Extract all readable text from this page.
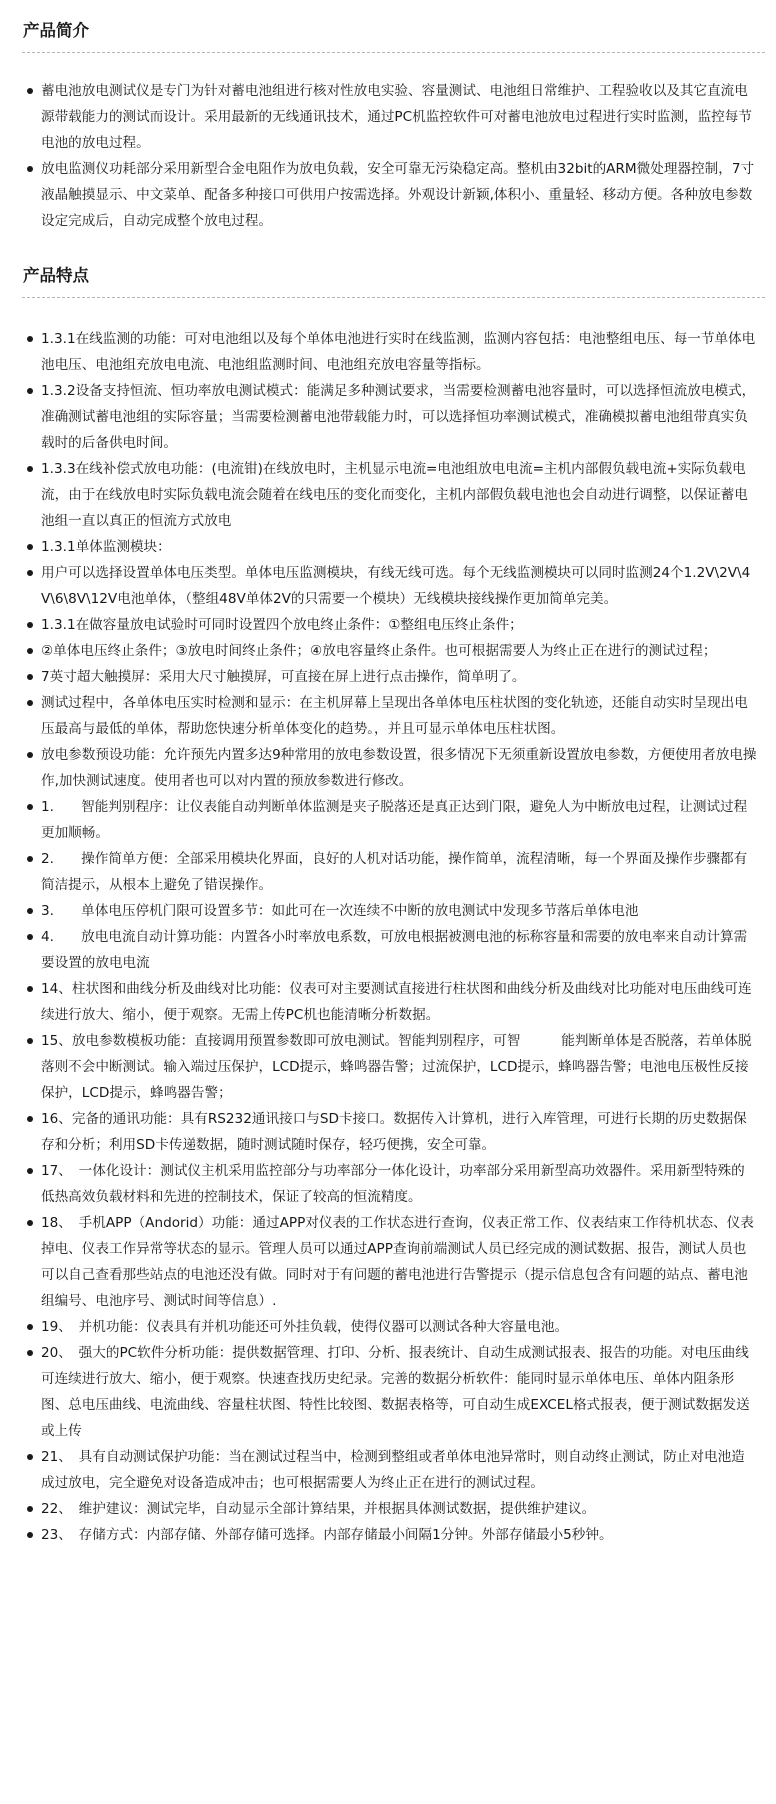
产品简介
蓄电池放电测试仪是专门为针对蓄电池组进行核对性放电实验、容量测试、电池组日常维护、工程验收以及其它直流电源带载能力的测试而设计。采用最新的无线通讯技术，通过PC机监控软件可对蓄电池放电过程进行实时监测，监控每节电池的放电过程。
放电监测仪功耗部分采用新型合金电阻作为放电负载，安全可靠无污染稳定高。整机由32bit的ARM微处理器控制，7寸液晶触摸显示、中文菜单、配备多种接口可供用户按需选择。外观设计新颖,体积小、重量轻、移动方便。各种放电参数设定完成后，自动完成整个放电过程。
产品特点
1.3.1在线监测的功能：可对电池组以及每个单体电池进行实时在线监测，监测内容包括：电池整组电压、每一节单体电池电压、电池组充放电电流、电池组监测时间、电池组充放电容量等指标。
1.3.2设备支持恒流、恒功率放电测试模式：能满足多种测试要求，当需要检测蓄电池容量时，可以选择恒流放电模式，准确测试蓄电池组的实际容量；当需要检测蓄电池带载能力时，可以选择恒功率测试模式，准确模拟蓄电池组带真实负载时的后备供电时间。
1.3.3在线补偿式放电功能：(电流钳)在线放电时，主机显示电流=电池组放电电流=主机内部假负载电流+实际负载电流，由于在线放电时实际负载电流会随着在线电压的变化而变化，主机内部假负载电池也会自动进行调整，以保证蓄电池组一直以真正的恒流方式放电
1.3.1单体监测模块：
用户可以选择设置单体电压类型。单体电压监测模块，有线无线可选。每个无线监测模块可以同时监测24个1.2V\2V\4V\6\8V\12V电池单体，（整组48V单体2V的只需要一个模块）无线模块接线操作更加简单完美。
1.3.1在做容量放电试验时可同时设置四个放电终止条件：①整组电压终止条件；
②单体电压终止条件；③放电时间终止条件；④放电容量终止条件。也可根据需要人为终止正在进行的测试过程；
7英寸超大触摸屏：采用大尺寸触摸屏，可直接在屏上进行点击操作，简单明了。
测试过程中，各单体电压实时检测和显示：在主机屏幕上呈现出各单体电压柱状图的变化轨迹，还能自动实时呈现出电压最高与最低的单体，帮助您快速分析单体变化的趋势。，并且可显示单体电压柱状图。
放电参数预设功能：允许预先内置多达9种常用的放电参数设置，很多情况下无须重新设置放电参数，方便使用者放电操作,加快测试速度。使用者也可以对内置的预放参数进行修改。
1.　　智能判别程序：让仪表能自动判断单体监测是夹子脱落还是真正达到门限，避免人为中断放电过程，让测试过程更加顺畅。
2.　　操作简单方便：全部采用模块化界面，良好的人机对话功能，操作简单，流程清晰，每一个界面及操作步骤都有简洁提示，从根本上避免了错误操作。
3.　　单体电压停机门限可设置多节：如此可在一次连续不中断的放电测试中发现多节落后单体电池
4.　　放电电流自动计算功能：内置各小时率放电系数，可放电根据被测电池的标称容量和需要的放电率来自动计算需要设置的放电电流
14、柱状图和曲线分析及曲线对比功能：仪表可对主要测试直接进行柱状图和曲线分析及曲线对比功能对电压曲线可连续进行放大、缩小，便于观察。无需上传PC机也能清晰分析数据。
15、放电参数模板功能：直接调用预置参数即可放电测试。智能判别程序，可智　　　能判断单体是否脱落，若单体脱落则不会中断测试。输入端过压保护，LCD提示，蜂鸣器告警；过流保护，LCD提示，蜂鸣器告警；电池电压极性反接保护，LCD提示，蜂鸣器告警；
16、完备的通讯功能：具有RS232通讯接口与SD卡接口。数据传入计算机，进行入库管理，可进行长期的历史数据保存和分析；利用SD卡传递数据，随时测试随时保存，轻巧便携，安全可靠。
17、　一体化设计：测试仪主机采用监控部分与功率部分一体化设计，功率部分采用新型高功效器件。采用新型特殊的低热高效负载材料和先进的控制技术，保证了较高的恒流精度。
18、　手机APP（Andorid）功能：通过APP对仪表的工作状态进行查询，仪表正常工作、仪表结束工作待机状态、仪表掉电、仪表工作异常等状态的显示。管理人员可以通过APP查询前端测试人员已经完成的测试数据、报告，测试人员也可以自己查看那些站点的电池还没有做。同时对于有问题的蓄电池进行告警提示（提示信息包含有问题的站点、蓄电池组编号、电池序号、测试时间等信息）.
19、　并机功能：仪表具有并机功能还可外挂负载，使得仪器可以测试各种大容量电池。
20、　强大的PC软件分析功能：提供数据管理、打印、分析、报表统计、自动生成测试报表、报告的功能。对电压曲线可连续进行放大、缩小，便于观察。快速查找历史纪录。完善的数据分析软件：能同时显示单体电压、单体内阻条形图、总电压曲线、电流曲线、容量柱状图、特性比较图、数据表格等，可自动生成EXCEL格式报表，便于测试数据发送或上传
21、　具有自动测试保护功能：当在测试过程当中，检测到整组或者单体电池异常时，则自动终止测试，防止对电池造成过放电，完全避免对设备造成冲击；也可根据需要人为终止正在进行的测试过程。
22、　维护建议：测试完毕，自动显示全部计算结果，并根据具体测试数据，提供维护建议。
23、　存储方式：内部存储、外部存储可选择。内部存储最小间隔1分钟。外部存储最小5秒钟。
